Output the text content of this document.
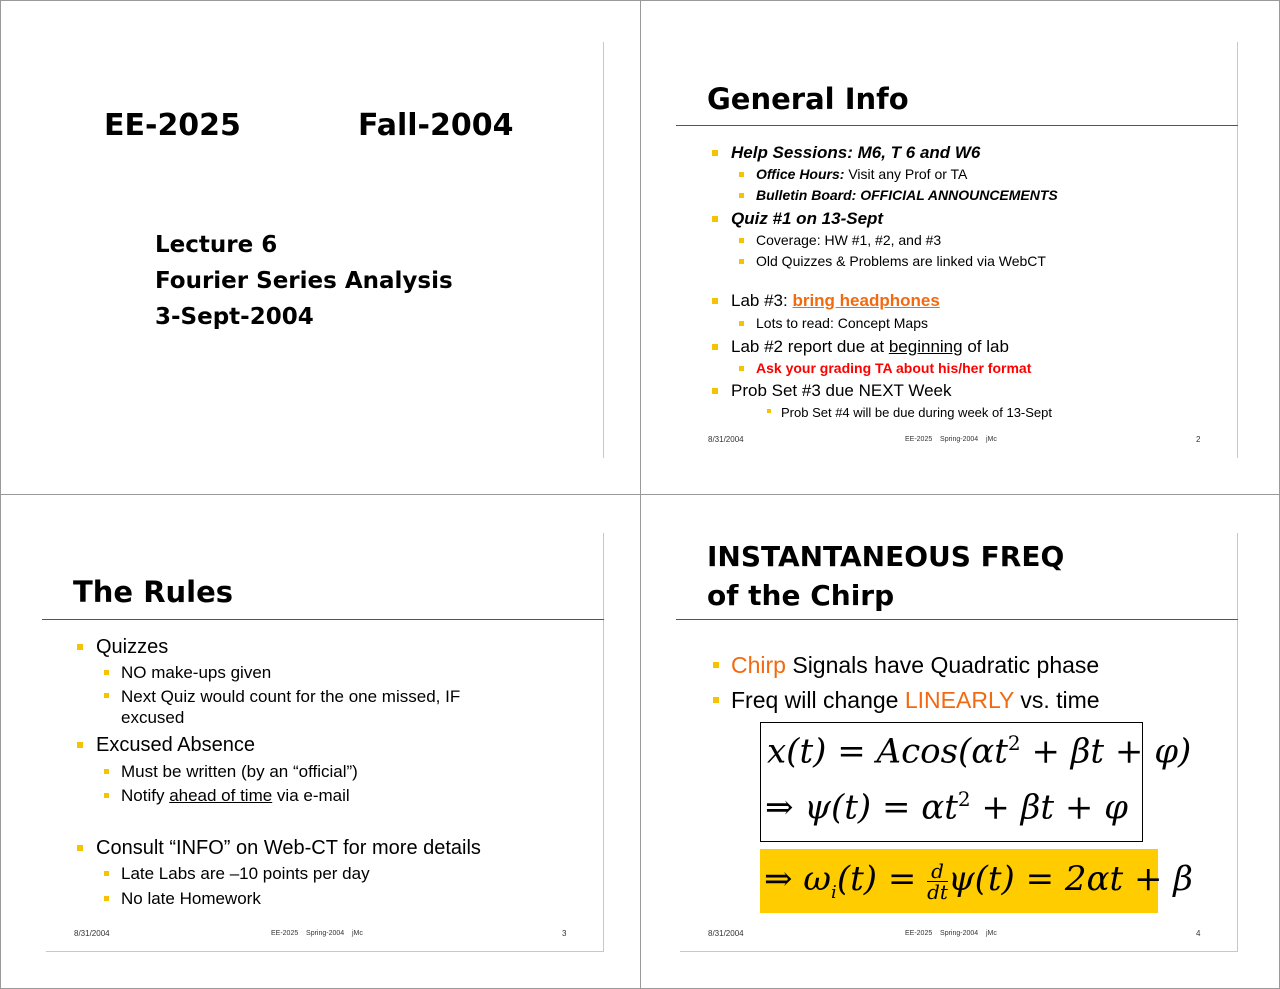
EE-2025	Fall-2004
Lecture 6
Fourier Series Analysis
3-Sept-2004
General Info
Help Sessions: M6, T 6 and W6
Office Hours: Visit any Prof or TA
Bulletin Board: OFFICIAL ANNOUNCEMENTS
Quiz #1 on 13-Sept
Coverage: HW #1, #2, and #3
Old Quizzes & Problems are linked via WebCT
Lab #3: bring headphones
Lots to read: Concept Maps
Lab #2 report due at beginning of lab
Ask your grading TA about his/her format
Prob Set #3 due NEXT Week
Prob Set #4 will be due during week of 13-Sept
8/31/2004	EE-2025    Spring-2004    jMc	2
The Rules
Quizzes
NO make-ups given
Next Quiz would count for the one missed, IF excused
Excused Absence
Must be written (by an “official”)
Notify ahead of time via e-mail
Consult “INFO” on Web-CT for more details
Late Labs are –10 points per day
No late Homework
8/31/2004	EE-2025    Spring-2004    jMc	3
INSTANTANEOUS FREQ
of the Chirp
Chirp Signals have Quadratic phase
Freq will change LINEARLY vs. time
$x(t) = Acos(\alpha t^2 + \beta t + \varphi)$
⇒ $\psi(t) = \alpha t^2 + \beta t + \varphi$
⇒ $\omega_i(t) = \frac{d}{dt} \psi(t) = 2\alpha t + \beta$
8/31/2004	EE-2025    Spring-2004    jMc	4
